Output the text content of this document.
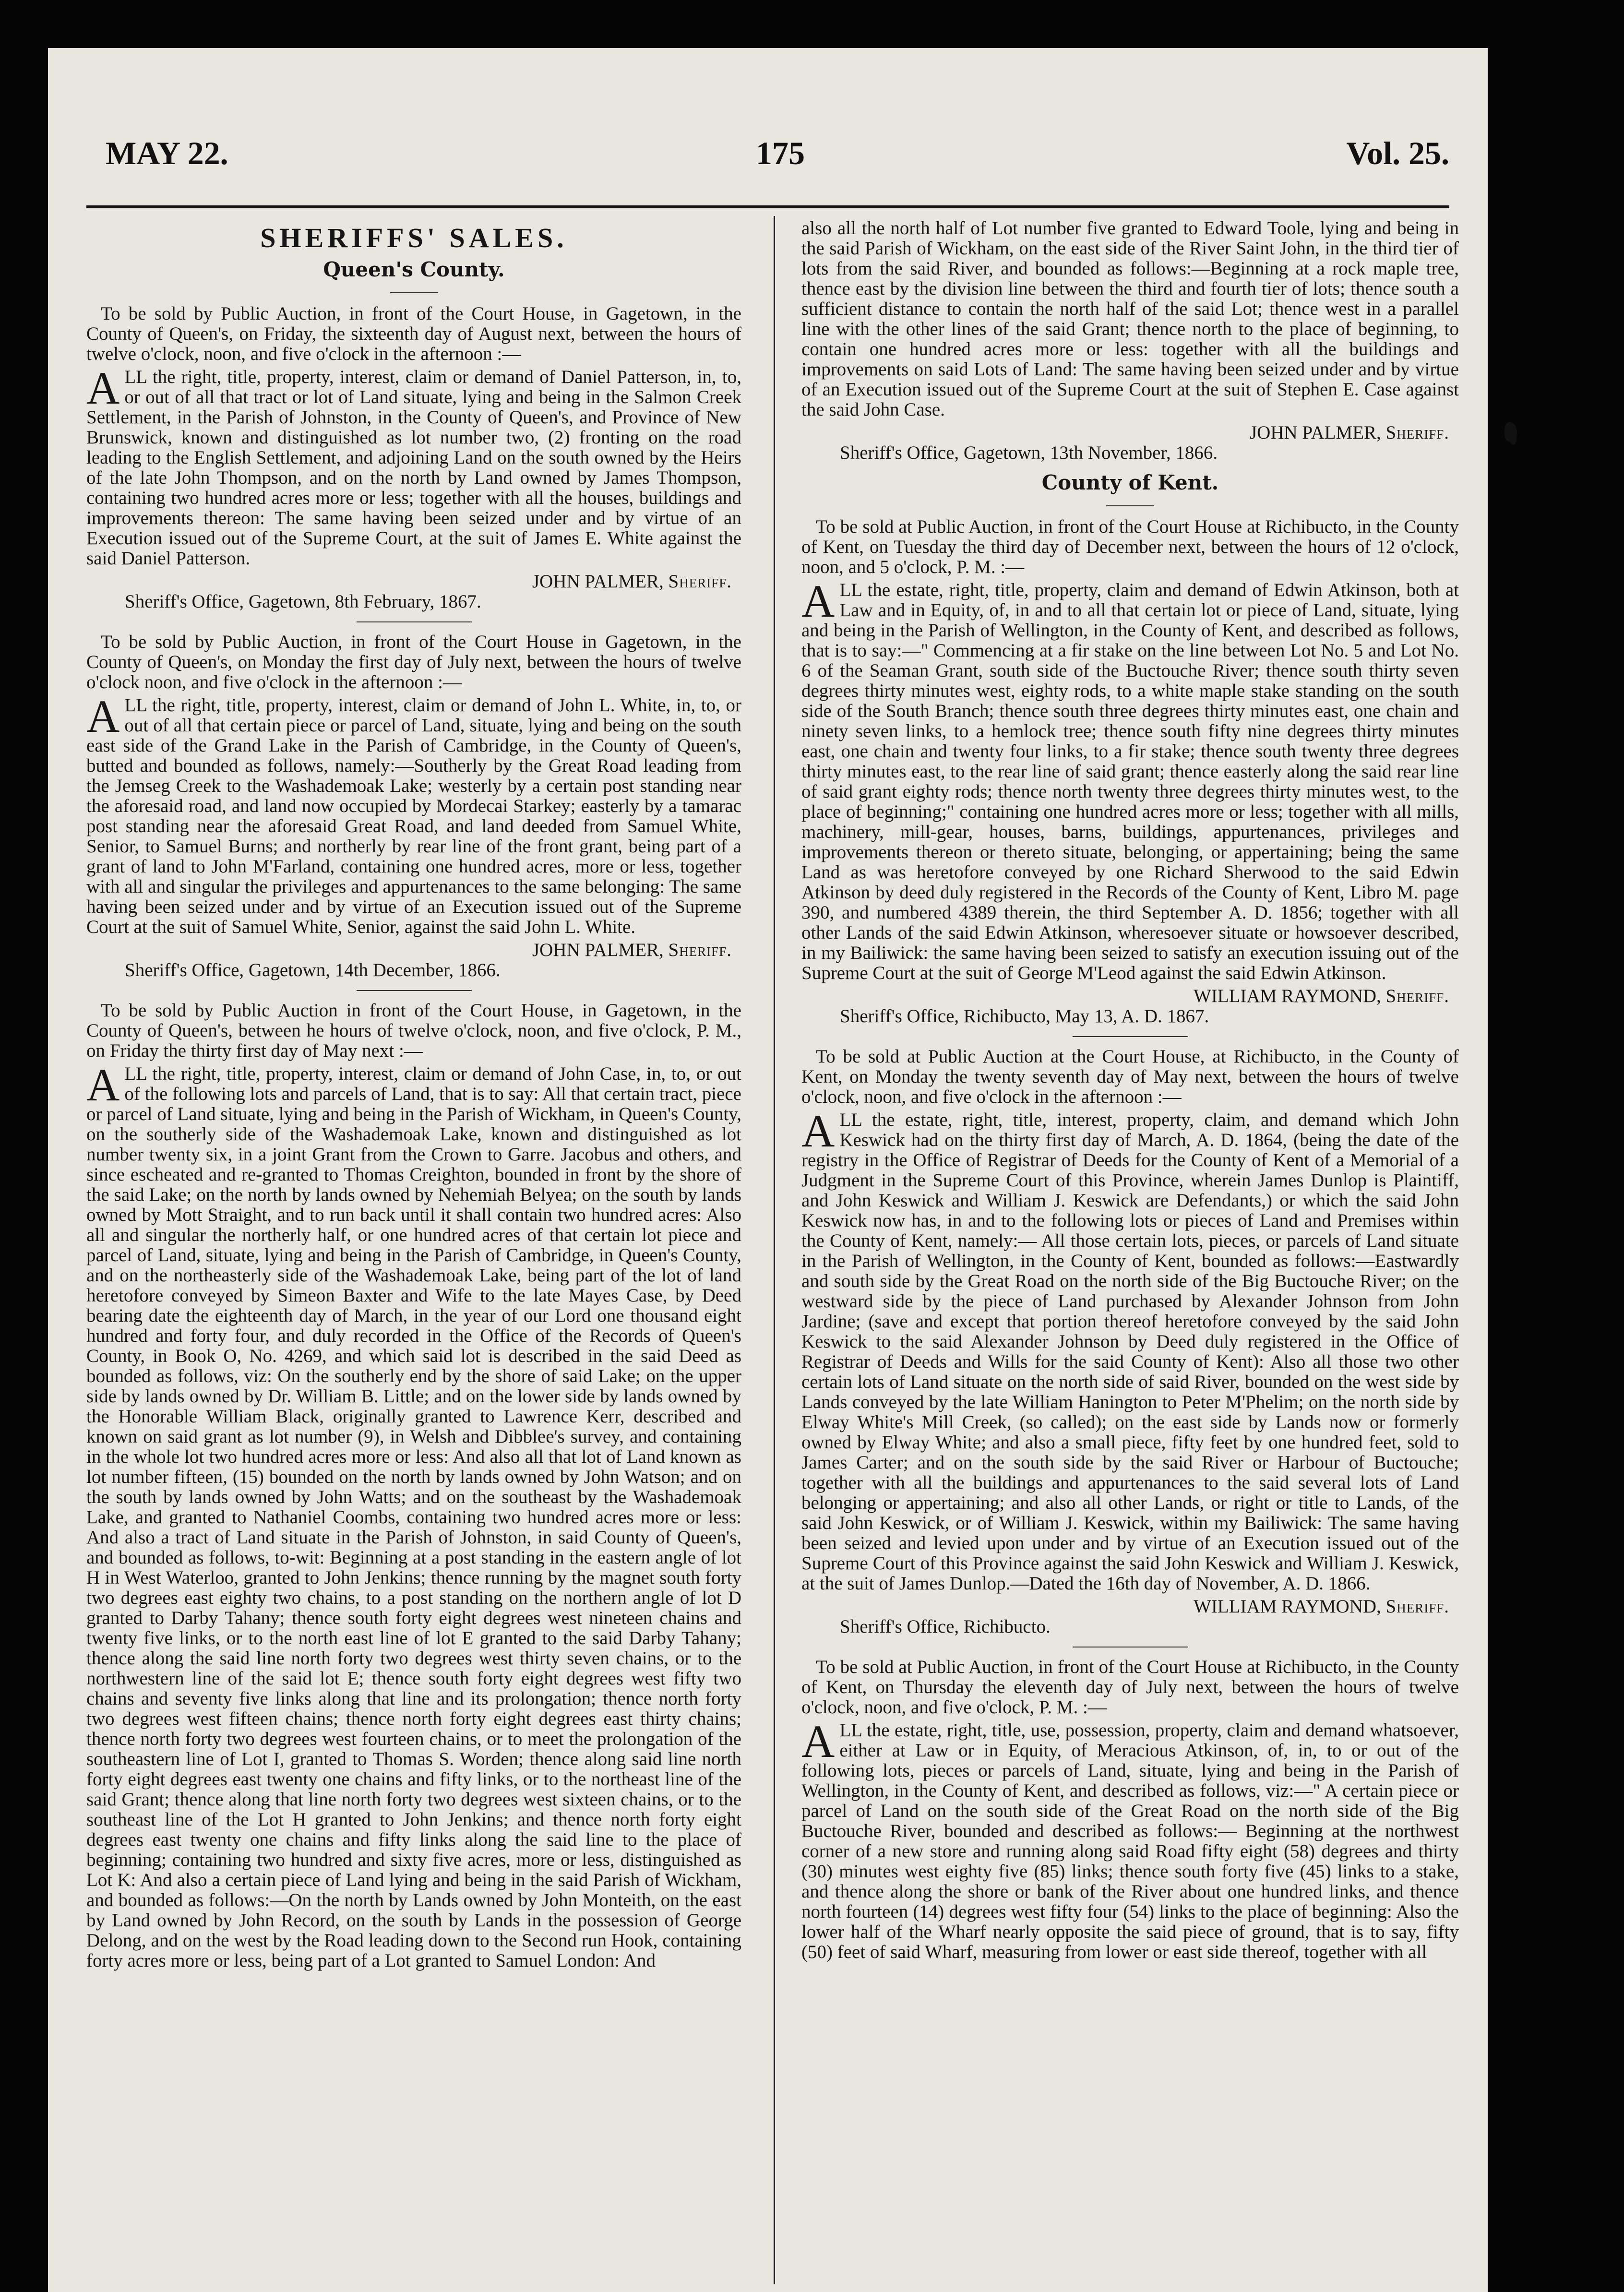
MAY 22.	175	Vol. 25.
SHERIFFS' SALES.
Queen's County.

To be sold by Public Auction, in front of the Court House, in Gagetown, in the County of Queen's, on Friday, the sixteenth day of August next, between the hours of twelve o'clock, noon, and five o'clock in the afternoon :—

ALL the right, title, property, interest, claim or demand of Daniel Patterson, in, to, or out of all that tract or lot of Land situate, lying and being in the Salmon Creek Settlement, in the Parish of Johnston, in the County of Queen's, and Province of New Brunswick, known and distinguished as lot number two, (2) fronting on the road leading to the English Settlement, and adjoining Land on the south owned by the Heirs of the late John Thompson, and on the north by Land owned by James Thompson, containing two hundred acres more or less; together with all the houses, buildings and improvements thereon: The same having been seized under and by virtue of an Execution issued out of the Supreme Court, at the suit of James E. White against the said Daniel Patterson.

JOHN PALMER, Sheriff.

Sheriff's Office, Gagetown, 8th February, 1867.

To be sold by Public Auction, in front of the Court House in Gagetown, in the County of Queen's, on Monday the first day of July next, between the hours of twelve o'clock noon, and five o'clock in the afternoon :—

ALL the right, title, property, interest, claim or demand of John L. White, in, to, or out of all that certain piece or parcel of Land, situate, lying and being on the south east side of the Grand Lake in the Parish of Cambridge, in the County of Queen's, butted and bounded as follows, namely:—Southerly by the Great Road leading from the Jemseg Creek to the Washademoak Lake; westerly by a certain post standing near the aforesaid road, and land now occupied by Mordecai Starkey; easterly by a tamarac post standing near the aforesaid Great Road, and land deeded from Samuel White, Senior, to Samuel Burns; and northerly by rear line of the front grant, being part of a grant of land to John M'Farland, containing one hundred acres, more or less, together with all and singular the privileges and appurtenances to the same belonging: The same having been seized under and by virtue of an Execution issued out of the Supreme Court at the suit of Samuel White, Senior, against the said John L. White.

JOHN PALMER, Sheriff.

Sheriff's Office, Gagetown, 14th December, 1866.

To be sold by Public Auction in front of the Court House, in Gagetown, in the County of Queen's, between he hours of twelve o'clock, noon, and five o'clock, P. M., on Friday the thirty first day of May next :—

ALL the right, title, property, interest, claim or demand of John Case, in, to, or out of the following lots and parcels of Land, that is to say: All that certain tract, piece or parcel of Land situate, lying and being in the Parish of Wickham, in Queen's County, on the southerly side of the Washademoak Lake, known and distinguished as lot number twenty six, in a joint Grant from the Crown to Garre. Jacobus and others, and since escheated and re-granted to Thomas Creighton, bounded in front by the shore of the said Lake; on the north by lands owned by Nehemiah Belyea; on the south by lands owned by Mott Straight, and to run back until it shall contain two hundred acres: Also all and singular the northerly half, or one hundred acres of that certain lot piece and parcel of Land, situate, lying and being in the Parish of Cambridge, in Queen's County, and on the northeasterly side of the Washademoak Lake, being part of the lot of land heretofore conveyed by Simeon Baxter and Wife to the late Mayes Case, by Deed bearing date the eighteenth day of March, in the year of our Lord one thousand eight hundred and forty four, and duly recorded in the Office of the Records of Queen's County, in Book O, No. 4269, and which said lot is described in the said Deed as bounded as follows, viz: On the southerly end by the shore of said Lake; on the upper side by lands owned by Dr. William B. Little; and on the lower side by lands owned by the Honorable William Black, originally granted to Lawrence Kerr, described and known on said grant as lot number (9), in Welsh and Dibblee's survey, and containing in the whole lot two hundred acres more or less: And also all that lot of Land known as lot number fifteen, (15) bounded on the north by lands owned by John Watson; and on the south by lands owned by John Watts; and on the southeast by the Washademoak Lake, and granted to Nathaniel Coombs, containing two hundred acres more or less: And also a tract of Land situate in the Parish of Johnston, in said County of Queen's, and bounded as follows, to-wit: Beginning at a post standing in the eastern angle of lot H in West Waterloo, granted to John Jenkins; thence running by the magnet south forty two degrees east eighty two chains, to a post standing on the northern angle of lot D granted to Darby Tahany; thence south forty eight degrees west nineteen chains and twenty five links, or to the north east line of lot E granted to the said Darby Tahany; thence along the said line north forty two degrees west thirty seven chains, or to the northwestern line of the said lot E; thence south forty eight degrees west fifty two chains and seventy five links along that line and its prolongation; thence north forty two degrees west fifteen chains; thence north forty eight degrees east thirty chains; thence north forty two degrees west fourteen chains, or to meet the prolongation of the southeastern line of Lot I, granted to Thomas S. Worden; thence along said line north forty eight degrees east twenty one chains and fifty links, or to the northeast line of the said Grant; thence along that line north forty two degrees west sixteen chains, or to the southeast line of the Lot H granted to John Jenkins; and thence north forty eight degrees east twenty one chains and fifty links along the said line to the place of beginning; containing two hundred and sixty five acres, more or less, distinguished as Lot K: And also a certain piece of Land lying and being in the said Parish of Wickham, and bounded as follows:—On the north by Lands owned by John Monteith, on the east by Land owned by John Record, on the south by Lands in the possession of George Delong, and on the west by the Road leading down to the Second run Hook, containing forty acres more or less, being part of a Lot granted to Samuel London: And

also all the north half of Lot number five granted to Edward Toole, lying and being in the said Parish of Wickham, on the east side of the River Saint John, in the third tier of lots from the said River, and bounded as follows:—Beginning at a rock maple tree, thence east by the division line between the third and fourth tier of lots; thence south a sufficient distance to contain the north half of the said Lot; thence west in a parallel line with the other lines of the said Grant; thence north to the place of beginning, to contain one hundred acres more or less: together with all the buildings and improvements on said Lots of Land: The same having been seized under and by virtue of an Execution issued out of the Supreme Court at the suit of Stephen E. Case against the said John Case.

JOHN PALMER, Sheriff.

Sheriff's Office, Gagetown, 13th November, 1866.

County of Kent.

To be sold at Public Auction, in front of the Court House at Richibucto, in the County of Kent, on Tuesday the third day of December next, between the hours of 12 o'clock, noon, and 5 o'clock, P. M. :—

ALL the estate, right, title, property, claim and demand of Edwin Atkinson, both at Law and in Equity, of, in and to all that certain lot or piece of Land, situate, lying and being in the Parish of Wellington, in the County of Kent, and described as follows, that is to say:—" Commencing at a fir stake on the line between Lot No. 5 and Lot No. 6 of the Seaman Grant, south side of the Buctouche River; thence south thirty seven degrees thirty minutes west, eighty rods, to a white maple stake standing on the south side of the South Branch; thence south three degrees thirty minutes east, one chain and ninety seven links, to a hemlock tree; thence south fifty nine degrees thirty minutes east, one chain and twenty four links, to a fir stake; thence south twenty three degrees thirty minutes east, to the rear line of said grant; thence easterly along the said rear line of said grant eighty rods; thence north twenty three degrees thirty minutes west, to the place of beginning;" containing one hundred acres more or less; together with all mills, machinery, mill-gear, houses, barns, buildings, appurtenances, privileges and improvements thereon or thereto situate, belonging, or appertaining; being the same Land as was heretofore conveyed by one Richard Sherwood to the said Edwin Atkinson by deed duly registered in the Records of the County of Kent, Libro M. page 390, and numbered 4389 therein, the third September A. D. 1856; together with all other Lands of the said Edwin Atkinson, wheresoever situate or howsoever described, in my Bailiwick: the same having been seized to satisfy an execution issuing out of the Supreme Court at the suit of George M'Leod against the said Edwin Atkinson.

WILLIAM RAYMOND, Sheriff.

Sheriff's Office, Richibucto, May 13, A. D. 1867.

To be sold at Public Auction at the Court House, at Richibucto, in the County of Kent, on Monday the twenty seventh day of May next, between the hours of twelve o'clock, noon, and five o'clock in the afternoon :—

ALL the estate, right, title, interest, property, claim, and demand which John Keswick had on the thirty first day of March, A. D. 1864, (being the date of the registry in the Office of Registrar of Deeds for the County of Kent of a Memorial of a Judgment in the Supreme Court of this Province, wherein James Dunlop is Plaintiff, and John Keswick and William J. Keswick are Defendants,) or which the said John Keswick now has, in and to the following lots or pieces of Land and Premises within the County of Kent, namely:— All those certain lots, pieces, or parcels of Land situate in the Parish of Wellington, in the County of Kent, bounded as follows:—Eastwardly and south side by the Great Road on the north side of the Big Buctouche River; on the westward side by the piece of Land purchased by Alexander Johnson from John Jardine; (save and except that portion thereof heretofore conveyed by the said John Keswick to the said Alexander Johnson by Deed duly registered in the Office of Registrar of Deeds and Wills for the said County of Kent): Also all those two other certain lots of Land situate on the north side of said River, bounded on the west side by Lands conveyed by the late William Hanington to Peter M'Phelim; on the north side by Elway White's Mill Creek, (so called); on the east side by Lands now or formerly owned by Elway White; and also a small piece, fifty feet by one hundred feet, sold to James Carter; and on the south side by the said River or Harbour of Buctouche; together with all the buildings and appurtenances to the said several lots of Land belonging or appertaining; and also all other Lands, or right or title to Lands, of the said John Keswick, or of William J. Keswick, within my Bailiwick: The same having been seized and levied upon under and by virtue of an Execution issued out of the Supreme Court of this Province against the said John Keswick and William J. Keswick, at the suit of James Dunlop.—Dated the 16th day of November, A. D. 1866.

WILLIAM RAYMOND, Sheriff.

Sheriff's Office, Richibucto.

To be sold at Public Auction, in front of the Court House at Richibucto, in the County of Kent, on Thursday the eleventh day of July next, between the hours of twelve o'clock, noon, and five o'clock, P. M. :—

ALL the estate, right, title, use, possession, property, claim and demand whatsoever, either at Law or in Equity, of Meracious Atkinson, of, in, to or out of the following lots, pieces or parcels of Land, situate, lying and being in the Parish of Wellington, in the County of Kent, and described as follows, viz:—" A certain piece or parcel of Land on the south side of the Great Road on the north side of the Big Buctouche River, bounded and described as follows:— Beginning at the northwest corner of a new store and running along said Road fifty eight (58) degrees and thirty (30) minutes west eighty five (85) links; thence south forty five (45) links to a stake, and thence along the shore or bank of the River about one hundred links, and thence north fourteen (14) degrees west fifty four (54) links to the place of beginning: Also the lower half of the Wharf nearly opposite the said piece of ground, that is to say, fifty (50) feet of said Wharf, measuring from lower or east side thereof, together with all
